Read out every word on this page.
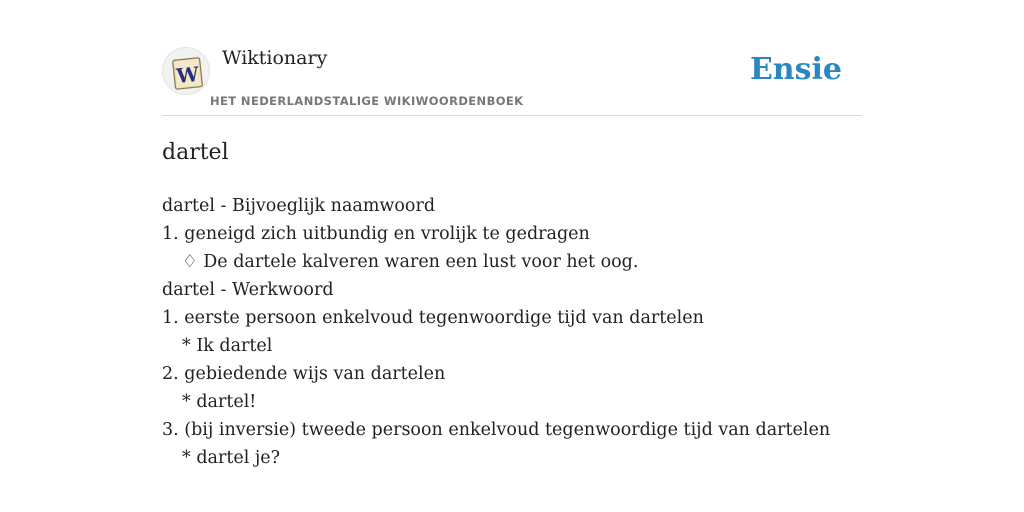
W
Wiktionary
HET NEDERLANDSTALIGE WIKIWOORDENBOEK
Ensie
dartel
dartel - Bijvoeglijk naamwoord
1. geneigd zich uitbundig en vrolijk te gedragen
♢ De dartele kalveren waren een lust voor het oog.
dartel - Werkwoord
1. eerste persoon enkelvoud tegenwoordige tijd van dartelen
* Ik dartel
2. gebiedende wijs van dartelen
* dartel!
3. (bij inversie) tweede persoon enkelvoud tegenwoordige tijd van dartelen
* dartel je?
